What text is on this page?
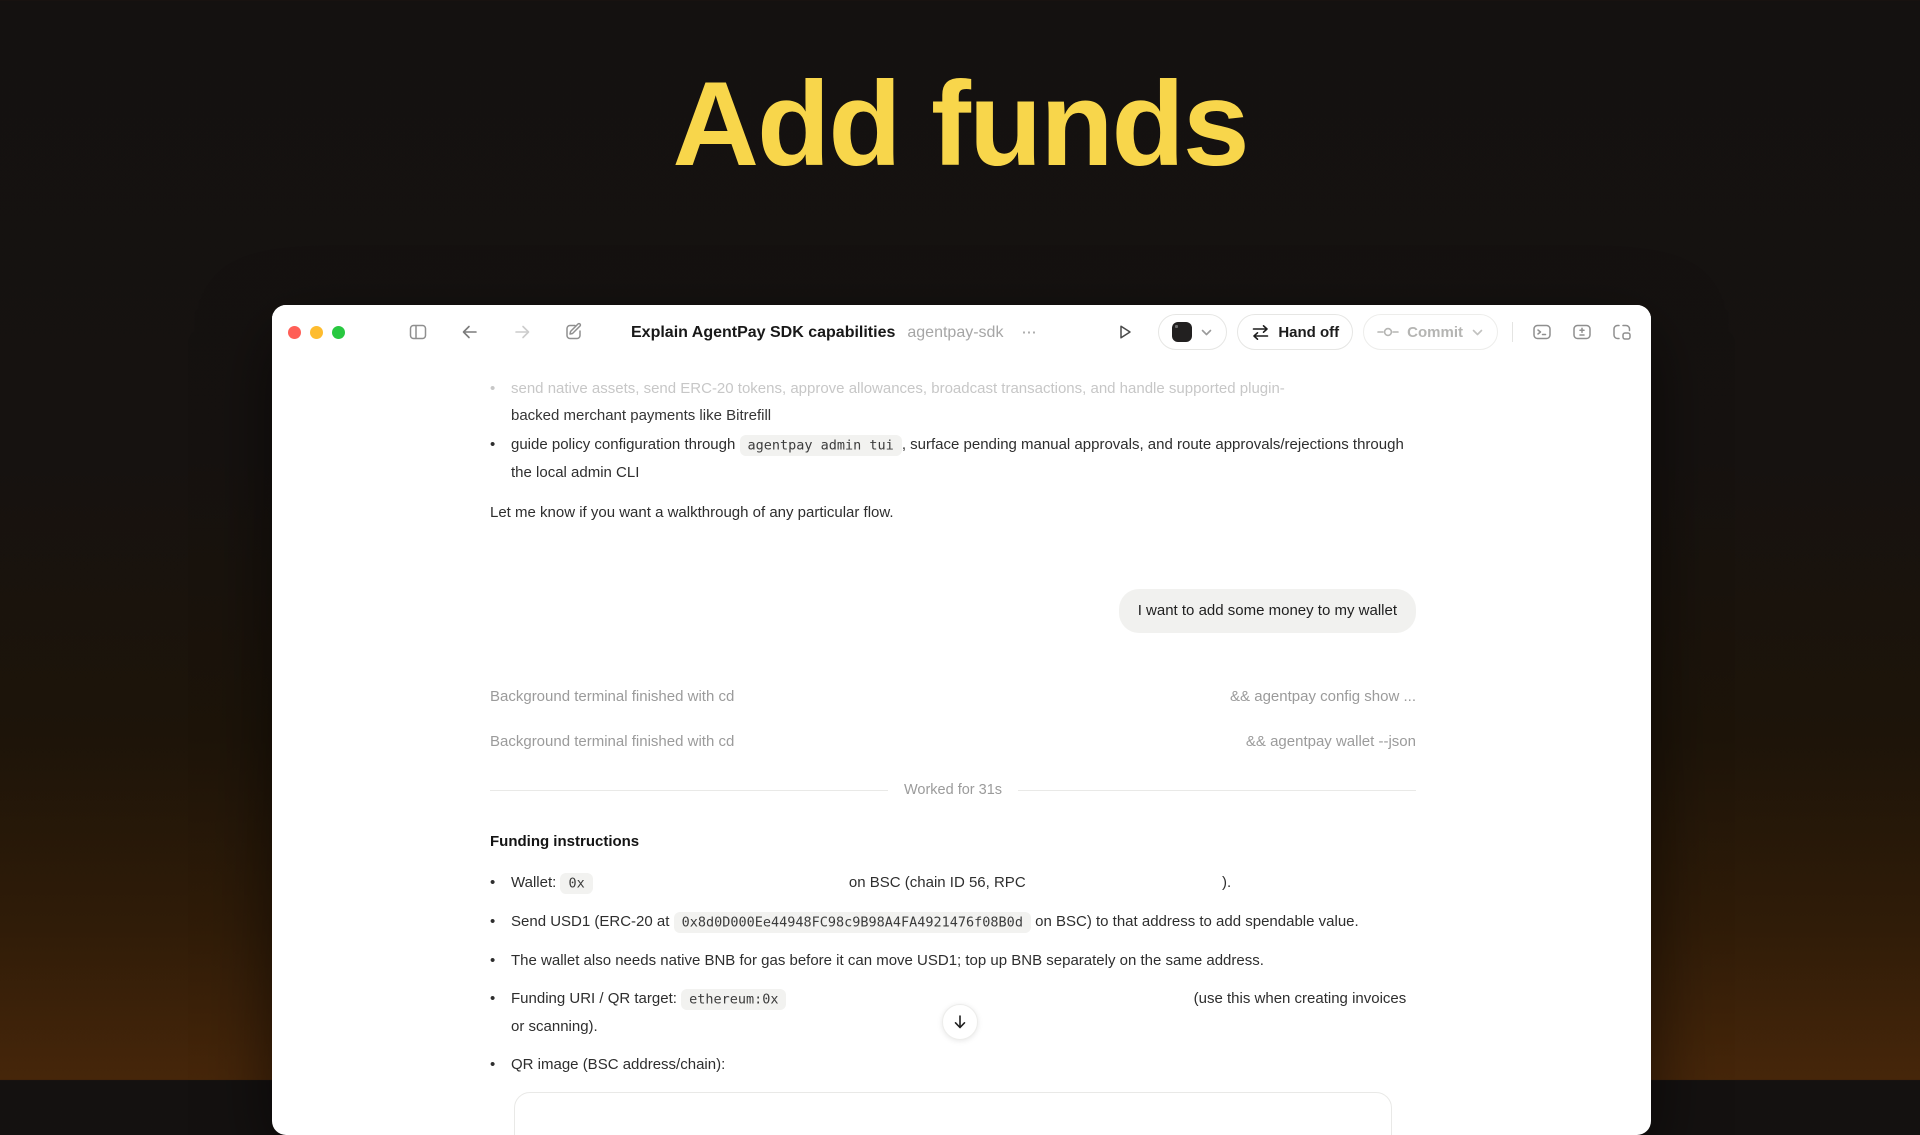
Add funds
Explain AgentPay SDK capabilities agentpay-sdk ⋯	Hand off	Commit
•	send native assets, send ERC-20 tokens, approve allowances, broadcast transactions, and handle supported plugin-
backed merchant payments like Bitrefill
•	guide policy configuration through agentpay admin tui , surface pending manual approvals, and route approvals/rejections through the local admin CLI
Let me know if you want a walkthrough of any particular flow.
I want to add some money to my wallet
Background terminal finished with cd	&& agentpay config show ...
Background terminal finished with cd	&& agentpay wallet --json
Worked for 31s
Funding instructions
•	Wallet: 0x	on BSC (chain ID 56, RPC	).
•	Send USD1 (ERC-20 at 0x8d0D000Ee44948FC98c9B98A4FA4921476f08B0d on BSC) to that address to add spendable value.
•	The wallet also needs native BNB for gas before it can move USD1; top up BNB separately on the same address.
•	Funding URI / QR target: ethereum:0x	(use this when creating invoices or scanning).
•	QR image (BSC address/chain):
